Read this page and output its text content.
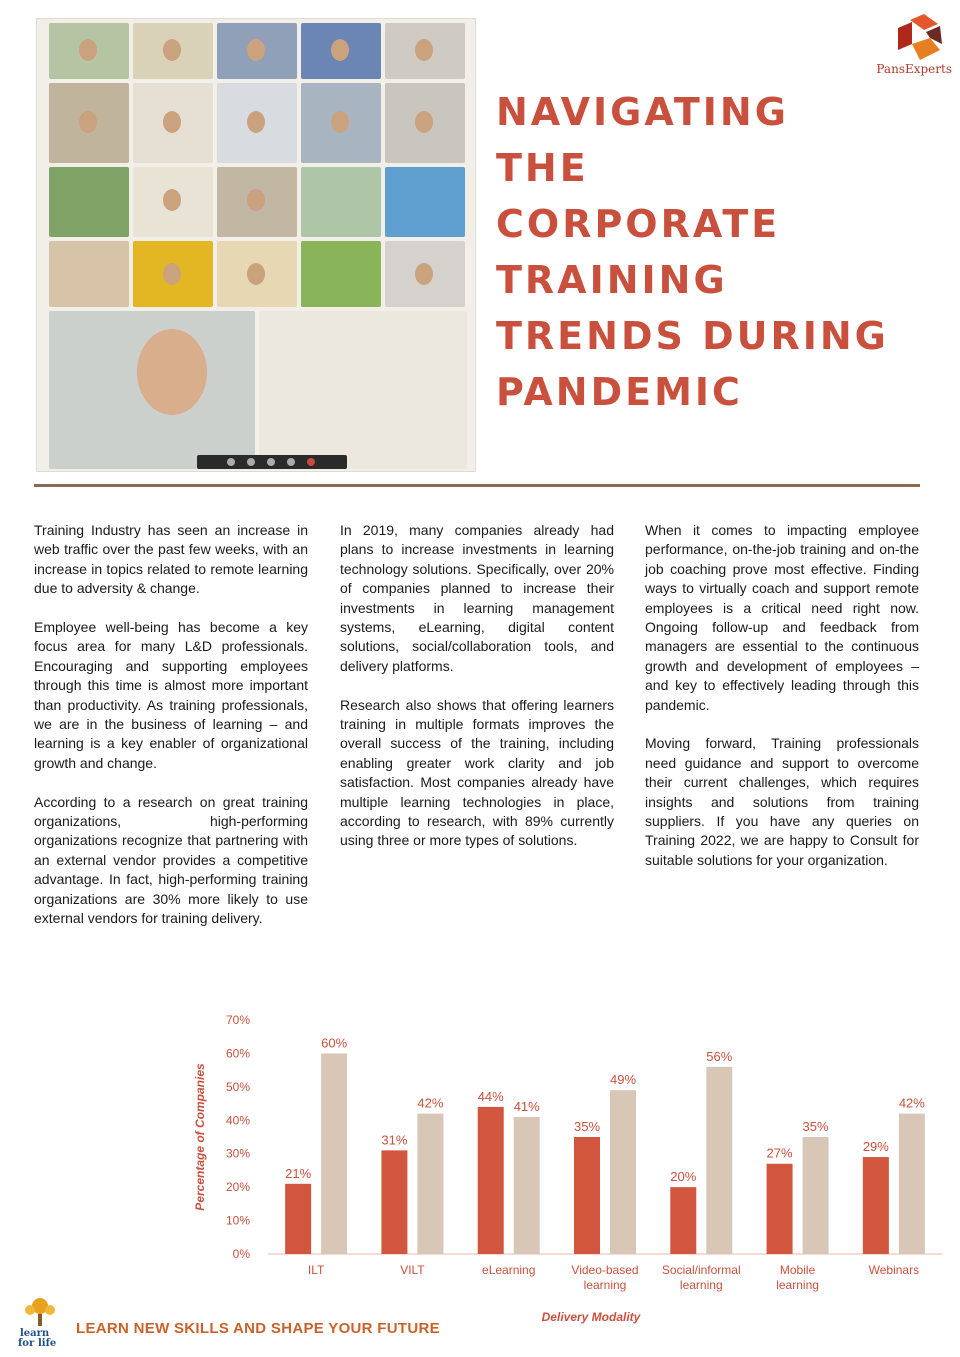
PansExperts
NAVIGATING
THE
CORPORATE
TRAINING
TRENDS DURING
PANDEMIC

Training Industry has seen an increase in web traffic over the past few weeks, with an increase in topics related to remote learning due to adversity & change.

Employee well-being has become a key focus area for many L&D professionals. Encouraging and supporting employees through this time is almost more important than productivity. As training professionals, we are in the business of learning – and learning is a key enabler of organizational growth and change.

According to a research on great training organizations, high-performing organizations recognize that partnering with an external vendor provides a competitive advantage. In fact, high-performing training organizations are 30% more likely to use external vendors for training delivery.

In 2019, many companies already had plans to increase investments in learning technology solutions. Specifically, over 20% of companies planned to increase their investments in learning management systems, eLearning, digital content solutions, social/collaboration tools, and delivery platforms.

Research also shows that offering learners training in multiple formats improves the overall success of the training, including enabling greater work clarity and job satisfaction. Most companies already have multiple learning technologies in place, according to research, with 89% currently using three or more types of solutions.

When it comes to impacting employee performance, on-the-job training and on-the job coaching prove most effective. Finding ways to virtually coach and support remote employees is a critical need right now. Ongoing follow-up and feedback from managers are essential to the continuous growth and development of employees – and key to effectively leading through this pandemic.

Moving forward, Training professionals need guidance and support to overcome their current challenges, which requires insights and solutions from training suppliers. If you have any queries on Training 2022, we are happy to Consult for suitable solutions for your organization.

0%
10%
20%
30%
40%
50%
60%
70%
Percentage of Companies	21%
60%
ILT
31%
42%
VILT
44%
41%
eLearning
35%
49%
Video-based
learning
20%
56%
Social/informal
learning
27%
35%
Mobile
learning
29%
42%
Webinars
Delivery Modality
learn
for life
LEARN NEW SKILLS AND SHAPE YOUR FUTURE
